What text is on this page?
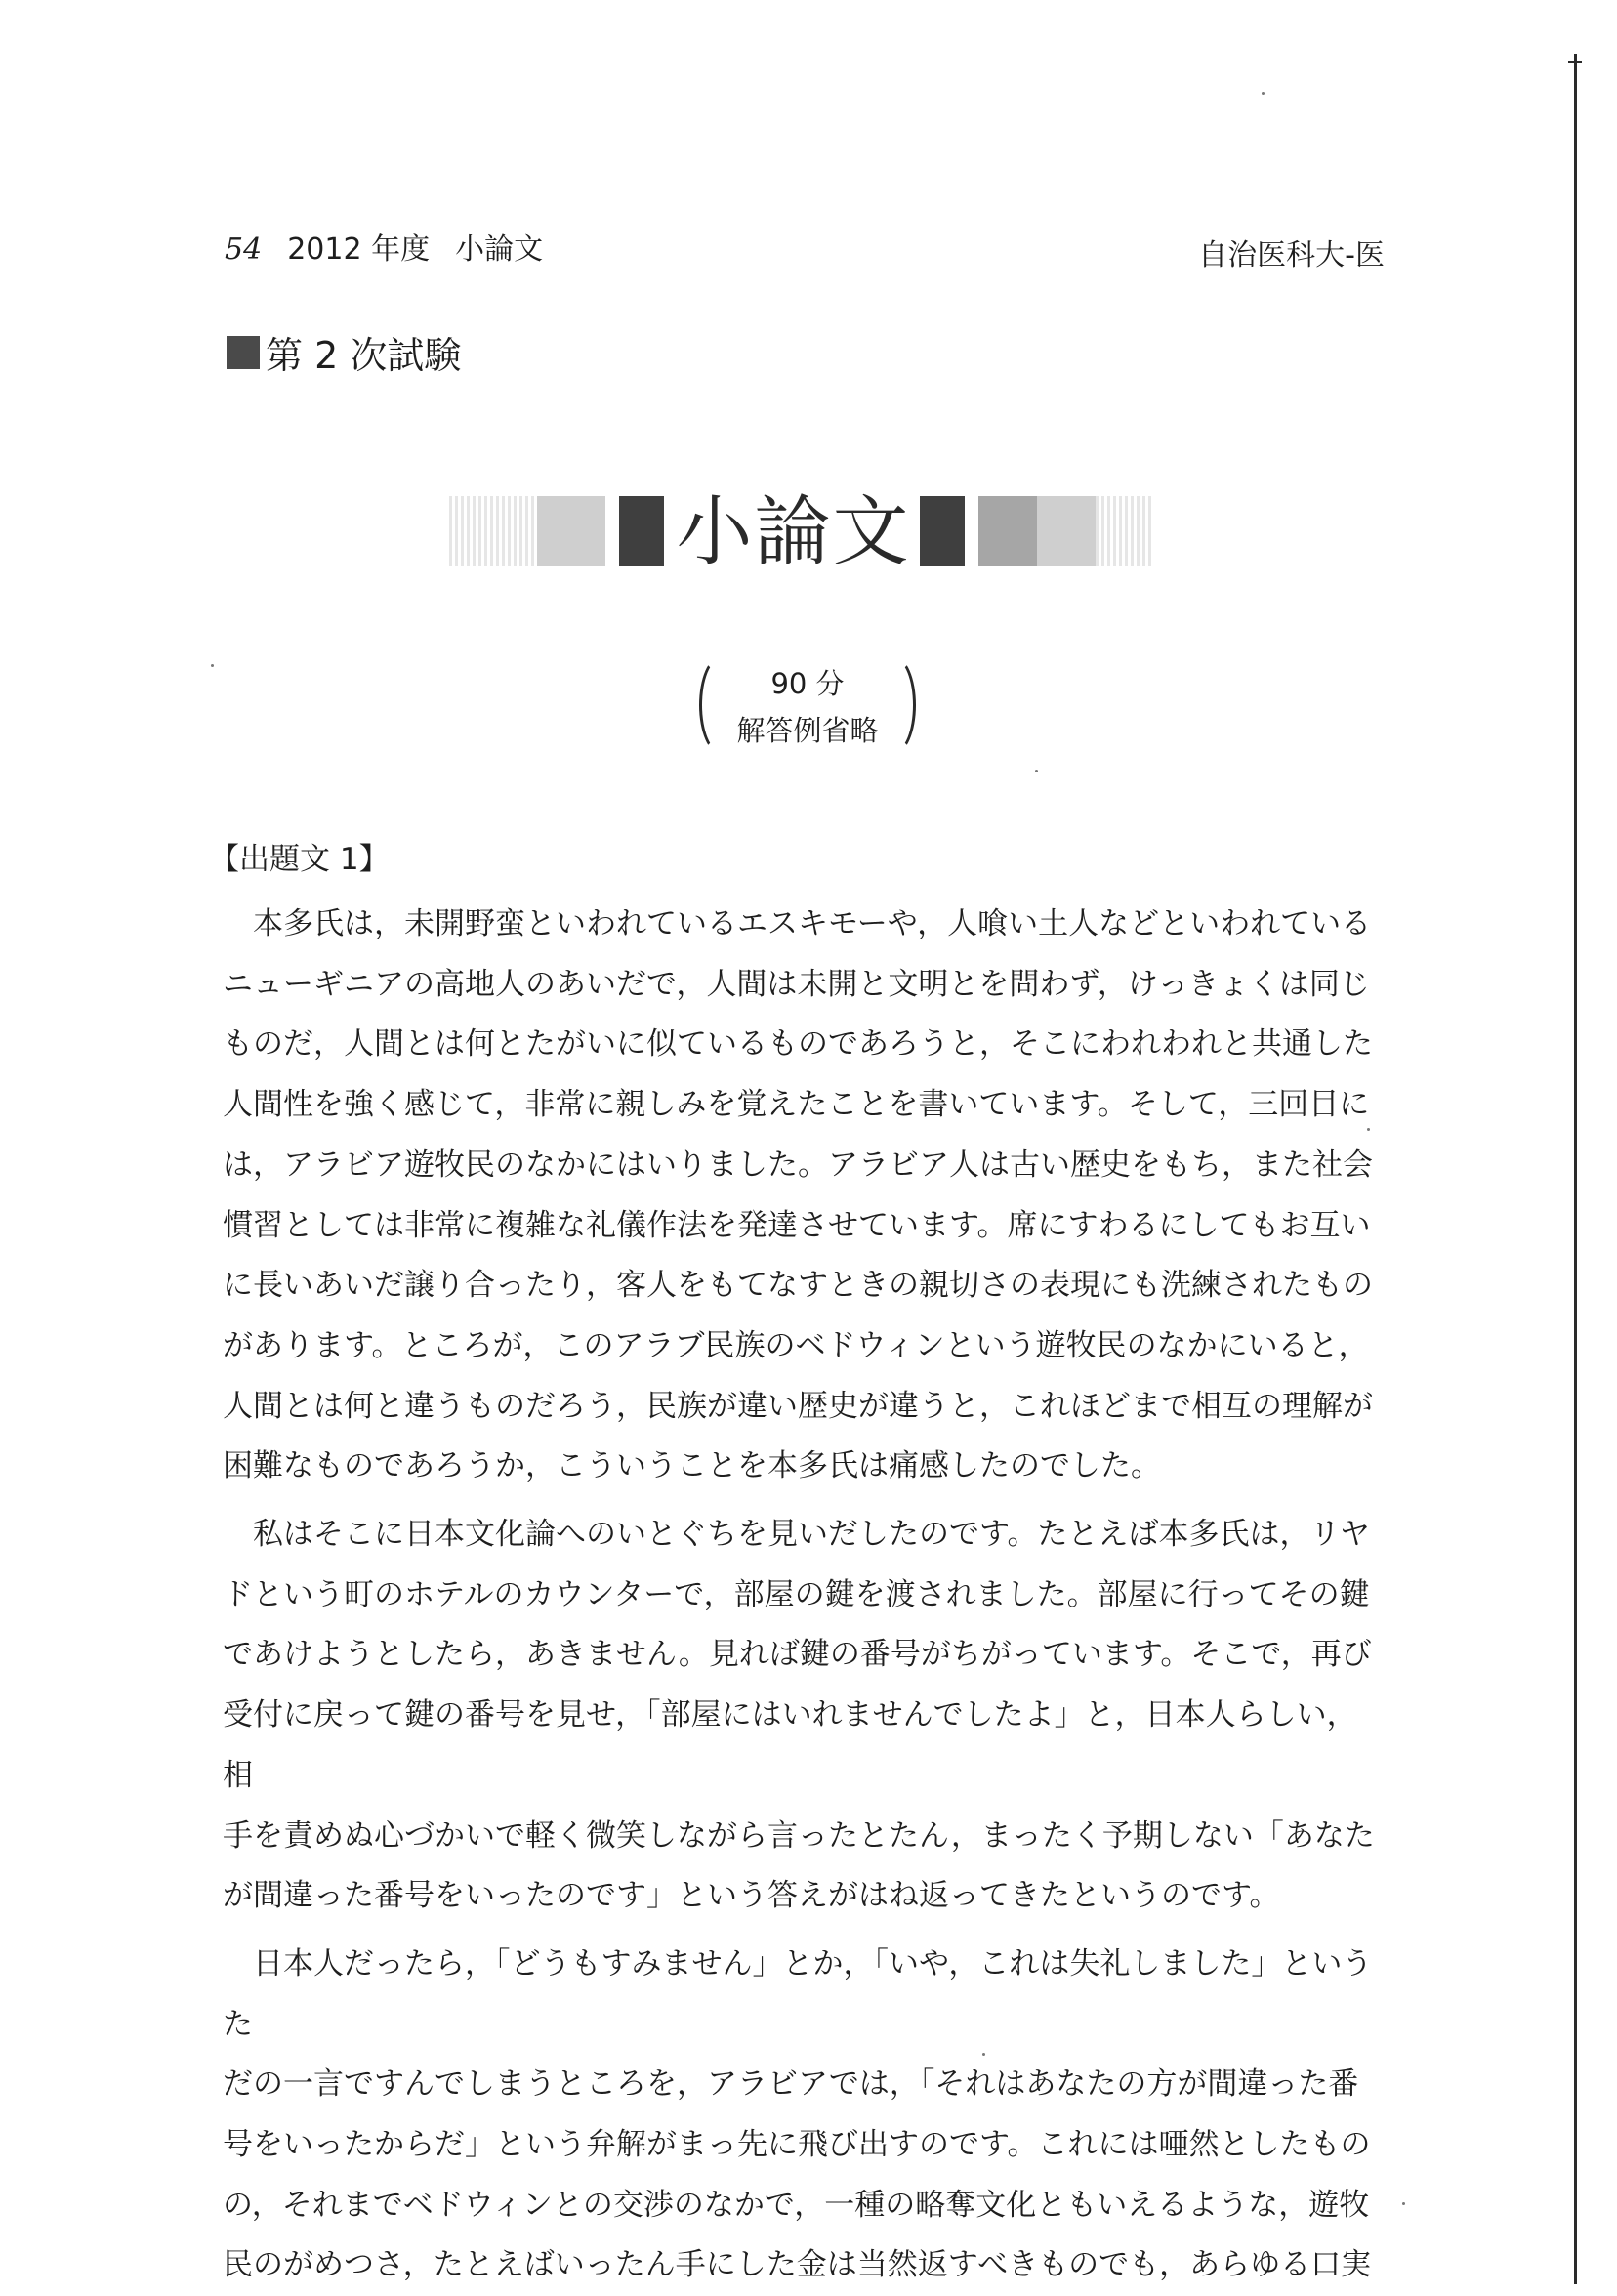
54 2012 年度 小論文	自治医科大-医
第 2 次試験
小論文
90 分
解答例省略
【出題文 1】

　本多氏は，未開野蛮といわれているエスキモーや，人喰い土人などといわれている
ニューギニアの高地人のあいだで，人間は未開と文明とを問わず，けっきょくは同じ
ものだ，人間とは何とたがいに似ているものであろうと，そこにわれわれと共通した
人間性を強く感じて，非常に親しみを覚えたことを書いています。そして，三回目に
は，アラビア遊牧民のなかにはいりました。アラビア人は古い歴史をもち，また社会
慣習としては非常に複雑な礼儀作法を発達させています。席にすわるにしてもお互い
に長いあいだ譲り合ったり，客人をもてなすときの親切さの表現にも洗練されたもの
があります。ところが，このアラブ民族のベドウィンという遊牧民のなかにいると，
人間とは何と違うものだろう，民族が違い歴史が違うと，これほどまで相互の理解が
困難なものであろうか，こういうことを本多氏は痛感したのでした。

　私はそこに日本文化論へのいとぐちを見いだしたのです。たとえば本多氏は，リヤ
ドという町のホテルのカウンターで，部屋の鍵を渡されました。部屋に行ってその鍵
であけようとしたら，あきません。見れば鍵の番号がちがっています。そこで，再び
受付に戻って鍵の番号を見せ，「部屋にはいれませんでしたよ」と，日本人らしい，相
手を責めぬ心づかいで軽く微笑しながら言ったとたん，まったく予期しない「あなた
が間違った番号をいったのです」という答えがはね返ってきたというのです。

　日本人だったら，「どうもすみません」とか，「いや，これは失礼しました」というた
だの一言ですんでしまうところを，アラビアでは，「それはあなたの方が間違った番
号をいったからだ」という弁解がまっ先に飛び出すのです。これには唖然としたもの
の，それまでベドウィンとの交渉のなかで，一種の略奪文化ともいえるような，遊牧
民のがめつさ，たとえばいったん手にした金は当然返すべきものでも，あらゆる口実
